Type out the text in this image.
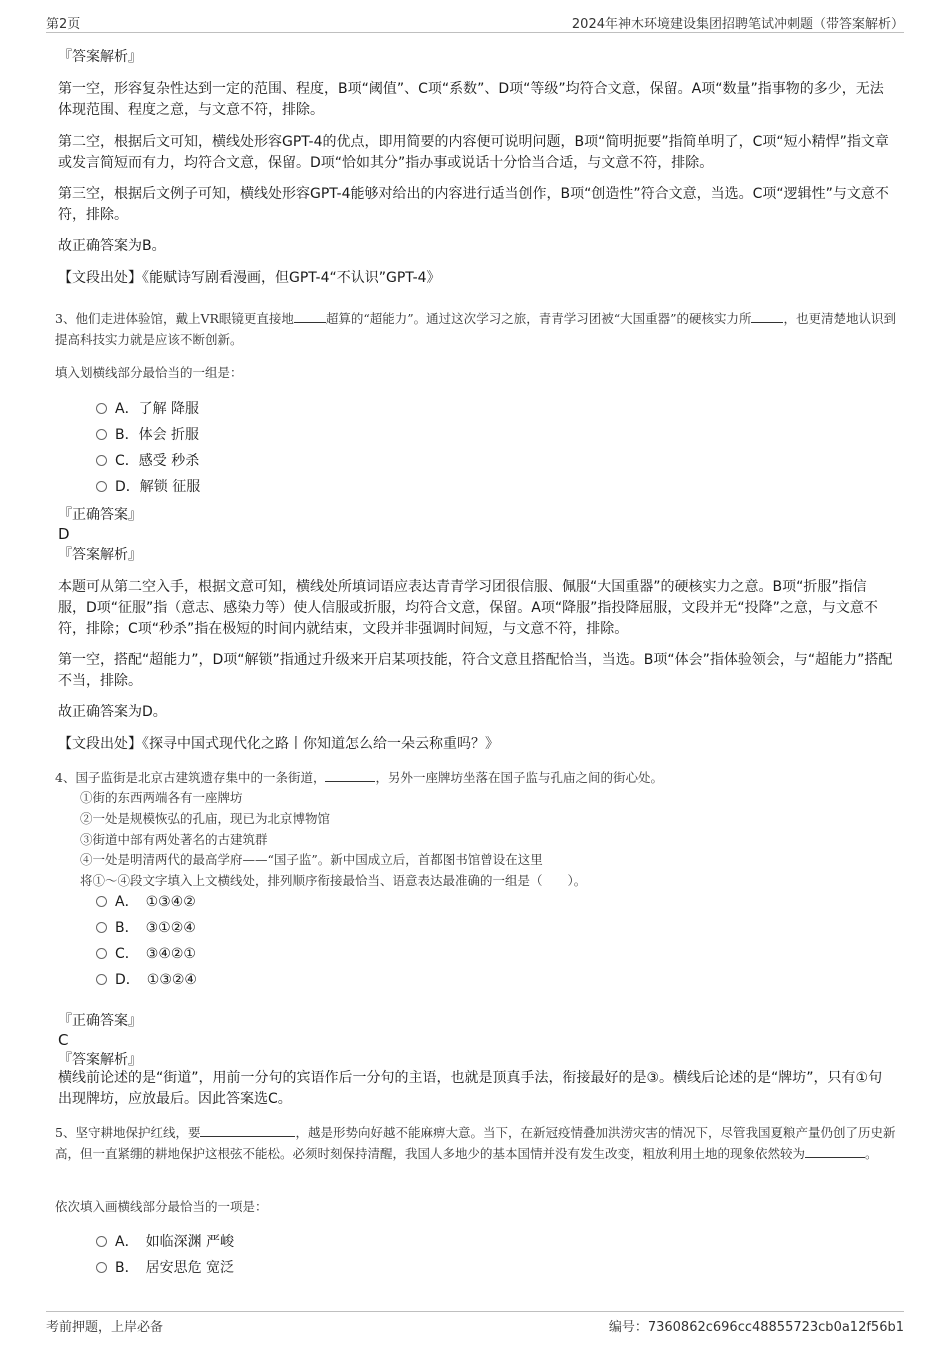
第2页	2024年神木环境建设集团招聘笔试冲刺题（带答案解析）
『答案解析』
第一空，形容复杂性达到一定的范围、程度，B项“阈值”、C项“系数”、D项“等级”均符合文意，保留。A项“数量”指事物的多少，无法体现范围、程度之意，与文意不符，排除。
第二空，根据后文可知，横线处形容GPT-4的优点，即用简要的内容便可说明问题，B项“简明扼要”指简单明了，C项“短小精悍”指文章或发言简短而有力，均符合文意，保留。D项“恰如其分”指办事或说话十分恰当合适，与文意不符，排除。
第三空，根据后文例子可知，横线处形容GPT-4能够对给出的内容进行适当创作，B项“创造性”符合文意，当选。C项“逻辑性”与文意不符，排除。
故正确答案为B。
【文段出处】《能赋诗写剧看漫画，但GPT-4“不认识”GPT-4》
3、他们走进体验馆，戴上VR眼镜更直接地	超算的“超能力”。通过这次学习之旅，青青学习团被“大国重器”的硬核实力所	，也更清楚地认识到提高科技实力就是应该不断创新。
填入划横线部分最恰当的一组是：
A．了解 降服
B．体会 折服
C．感受 秒杀
D．解锁 征服
『正确答案』
D
『答案解析』
本题可从第二空入手，根据文意可知，横线处所填词语应表达青青学习团很信服、佩服“大国重器”的硬核实力之意。B项“折服”指信服，D项“征服”指（意志、感染力等）使人信服或折服，均符合文意，保留。A项“降服”指投降屈服，文段并无“投降”之意，与文意不符，排除；C项“秒杀”指在极短的时间内就结束，文段并非强调时间短，与文意不符，排除。
第一空，搭配“超能力”，D项“解锁”指通过升级来开启某项技能，符合文意且搭配恰当，当选。B项“体会”指体验领会，与“超能力”搭配不当，排除。
故正确答案为D。
【文段出处】《探寻中国式现代化之路丨你知道怎么给一朵云称重吗？》
4、国子监街是北京古建筑遗存集中的一条街道，	，另外一座牌坊坐落在国子监与孔庙之间的街心处。
①街的东西两端各有一座牌坊
②一处是规模恢弘的孔庙，现已为北京博物馆
③街道中部有两处著名的古建筑群
④一处是明清两代的最高学府——“国子监”。新中国成立后，首都图书馆曾设在这里
将①～④段文字填入上文横线处，排列顺序衔接最恰当、语意表达最准确的一组是（　　）。
A．　①③④②
B．　③①②④
C．　③④②①
D．　①③②④
『正确答案』
C
『答案解析』
横线前论述的是“街道”，用前一分句的宾语作后一分句的主语，也就是顶真手法，衔接最好的是③。横线后论述的是“牌坊”，只有①句出现牌坊，应放最后。因此答案选C。
5、坚守耕地保护红线，要	，越是形势向好越不能麻痹大意。当下，在新冠疫情叠加洪涝灾害的情况下，尽管我国夏粮产量仍创了历史新高，但一直紧绷的耕地保护这根弦不能松。必须时刻保持清醒，我国人多地少的基本国情并没有发生改变，粗放利用土地的现象依然较为	。
依次填入画横线部分最恰当的一项是：
A．　如临深渊 严峻
B．　居安思危 宽泛
考前押题，上岸必备	编号：7360862c696cc48855723cb0a12f56b1
